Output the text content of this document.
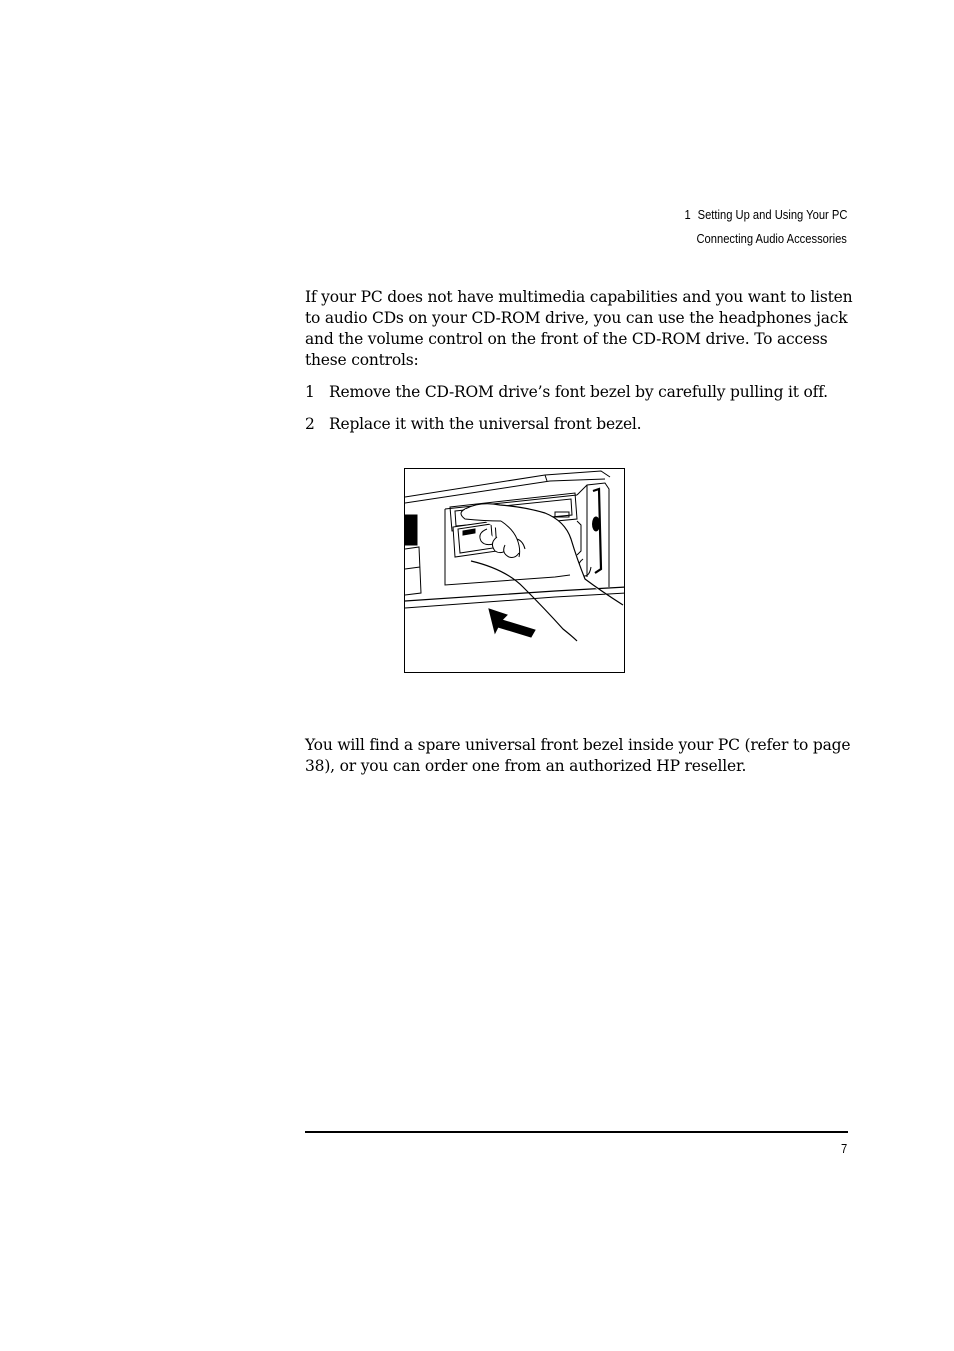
1 Setting Up and Using Your PC
Connecting Audio Accessories
If your PC does not have multimedia capabilities and you want to listen to audio CDs on your CD-ROM drive, you can use the headphones jack and the volume control on the front of the CD-ROM drive. To access these controls:
1 Remove the CD-ROM drive’s font bezel by carefully pulling it off.
2 Replace it with the universal front bezel.
You will find a spare universal front bezel inside your PC (refer to page 38), or you can order one from an authorized HP reseller.
7
